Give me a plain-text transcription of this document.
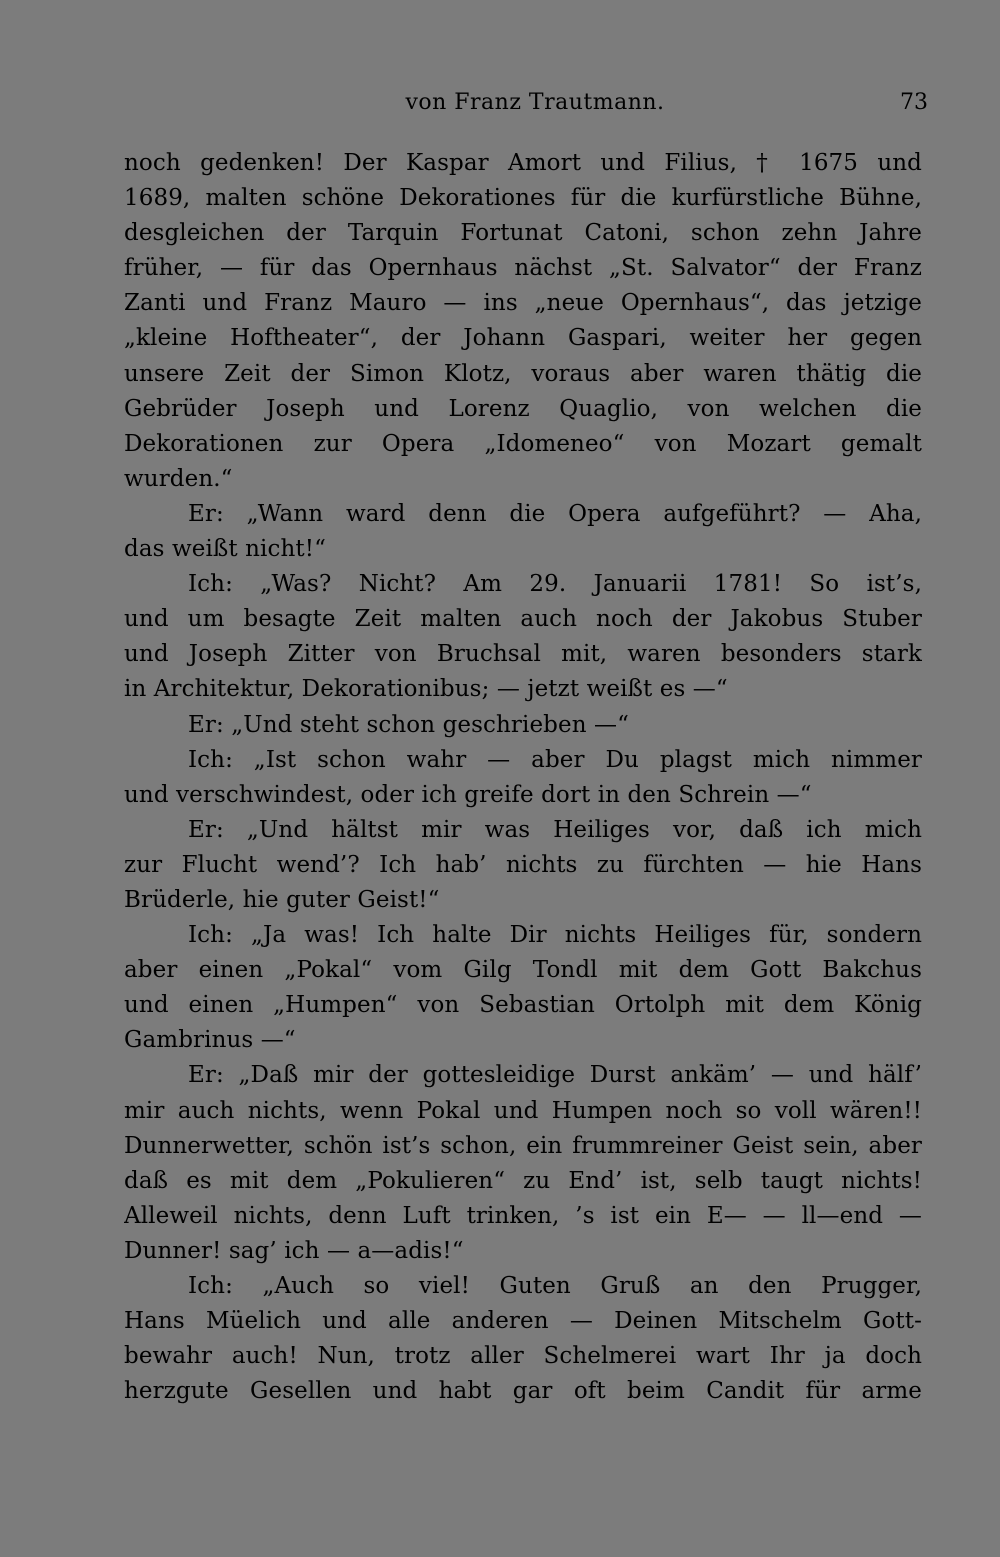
von Franz Trautmann.	73
noch gedenken! Der Kaspar Amort und Filius, † 1675 und
1689, malten schöne Dekorationes für die kurfürstliche Bühne,
desgleichen der Tarquin Fortunat Catoni, schon zehn Jahre
früher, — für das Opernhaus nächst „St. Salvator“ der Franz
Zanti und Franz Mauro — ins „neue Opernhaus“, das jetzige
„kleine Hoftheater“, der Johann Gaspari, weiter her gegen
unsere Zeit der Simon Klotz, voraus aber waren thätig die
Gebrüder Joseph und Lorenz Quaglio, von welchen die
Dekorationen zur Opera „Idomeneo“ von Mozart gemalt
wurden.“
Er: „Wann ward denn die Opera aufgeführt? — Aha,
das weißt nicht!“
Ich: „Was? Nicht? Am 29. Januarii 1781! So ist’s,
und um besagte Zeit malten auch noch der Jakobus Stuber
und Joseph Zitter von Bruchsal mit, waren besonders stark
in Architektur, Dekorationibus; — jetzt weißt es —“
Er: „Und steht schon geschrieben —“
Ich: „Ist schon wahr — aber Du plagst mich nimmer
und verschwindest, oder ich greife dort in den Schrein —“
Er: „Und hältst mir was Heiliges vor, daß ich mich
zur Flucht wend’? Ich hab’ nichts zu fürchten — hie Hans
Brüderle, hie guter Geist!“
Ich: „Ja was! Ich halte Dir nichts Heiliges für, sondern
aber einen „Pokal“ vom Gilg Tondl mit dem Gott Bakchus
und einen „Humpen“ von Sebastian Ortolph mit dem König
Gambrinus —“
Er: „Daß mir der gottesleidige Durst ankäm’ — und hälf’
mir auch nichts, wenn Pokal und Humpen noch so voll wären!!
Dunnerwetter, schön ist’s schon, ein frummreiner Geist sein, aber
daß es mit dem „Pokulieren“ zu End’ ist, selb taugt nichts!
Alleweil nichts, denn Luft trinken, ’s ist ein E— — ll—end —
Dunner! sag’ ich — a—adis!“
Ich: „Auch so viel! Guten Gruß an den Prugger,
Hans Müelich und alle anderen — Deinen Mitschelm Gott-
bewahr auch! Nun, trotz aller Schelmerei wart Ihr ja doch
herzgute Gesellen und habt gar oft beim Candit für arme
